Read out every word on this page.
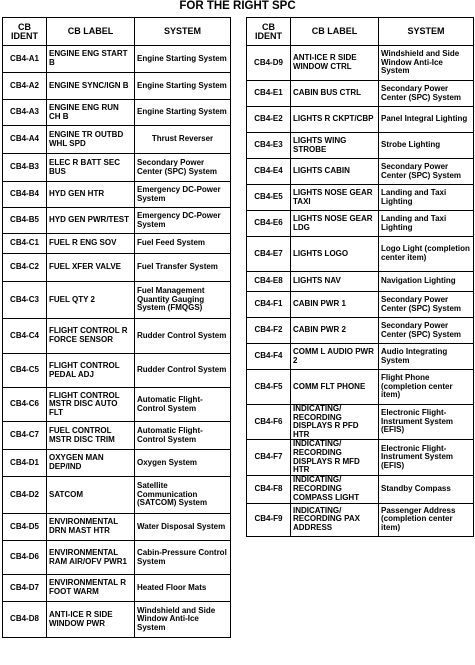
FOR THE RIGHT SPC
CB IDENT	CB LABEL	SYSTEM
CB4-A1	ENGINE ENG START B	Engine Starting System
CB4-A2	ENGINE SYNC/IGN B	Engine Starting System
CB4-A3	ENGINE ENG RUN CH B	Engine Starting System
CB4-A4	ENGINE TR OUTBD WHL SPD	Thrust Reverser
CB4-B3	ELEC R BATT SEC BUS	Secondary Power Center (SPC) System
CB4-B4	HYD GEN HTR	Emergency DC-Power System
CB4-B5	HYD GEN PWR/TEST	Emergency DC-Power System
CB4-C1	FUEL R ENG SOV	Fuel Feed System
CB4-C2	FUEL XFER VALVE	Fuel Transfer System
CB4-C3	FUEL QTY 2	Fuel Management Quantity Gauging System (FMQGS)
CB4-C4	FLIGHT CONTROL R FORCE SENSOR	Rudder Control System
CB4-C5	FLIGHT CONTROL PEDAL ADJ	Rudder Control System
CB4-C6	FLIGHT CONTROL MSTR DISC AUTO FLT	Automatic Flight-Control System
CB4-C7	FUEL CONTROL MSTR DISC TRIM	Automatic Flight-Control System
CB4-D1	OXYGEN MAN DEP/IND	Oxygen System
CB4-D2	SATCOM	Satellite Communication (SATCOM) System
CB4-D5	ENVIRONMENTAL DRN MAST HTR	Water Disposal System
CB4-D6	ENVIRONMENTAL RAM AIR/OFV PWR1	Cabin-Pressure Control System
CB4-D7	ENVIRONMENTAL R FOOT WARM	Heated Floor Mats
CB4-D8	ANTI-ICE R SIDE WINDOW PWR	Windshield and Side Window Anti-Ice System
CB IDENT	CB LABEL	SYSTEM
CB4-D9	ANTI-ICE R SIDE WINDOW CTRL	Windshield and Side Window Anti-Ice System
CB4-E1	CABIN BUS CTRL	Secondary Power Center (SPC) System
CB4-E2	LIGHTS R CKPT/CBP	Panel Integral Lighting
CB4-E3	LIGHTS WING STROBE	Strobe Lighting
CB4-E4	LIGHTS CABIN	Secondary Power Center (SPC) System
CB4-E5	LIGHTS NOSE GEAR TAXI	Landing and Taxi Lighting
CB4-E6	LIGHTS NOSE GEAR LDG	Landing and Taxi Lighting
CB4-E7	LIGHTS LOGO	Logo Light (completion center item)
CB4-E8	LIGHTS NAV	Navigation Lighting
CB4-F1	CABIN PWR 1	Secondary Power Center (SPC) System
CB4-F2	CABIN PWR 2	Secondary Power Center (SPC) System
CB4-F4	COMM L AUDIO PWR 2	Audio Integrating System
CB4-F5	COMM FLT PHONE	Flight Phone (completion center item)
CB4-F6	INDICATING/ RECORDING DISPLAYS R PFD HTR	Electronic Flight-Instrument System (EFIS)
CB4-F7	INDICATING/ RECORDING DISPLAYS R MFD HTR	Electronic Flight-Instrument System (EFIS)
CB4-F8	INDICATING/ RECORDING COMPASS LIGHT	Standby Compass
CB4-F9	INDICATING/ RECORDING PAX ADDRESS	Passenger Address (completion center item)
